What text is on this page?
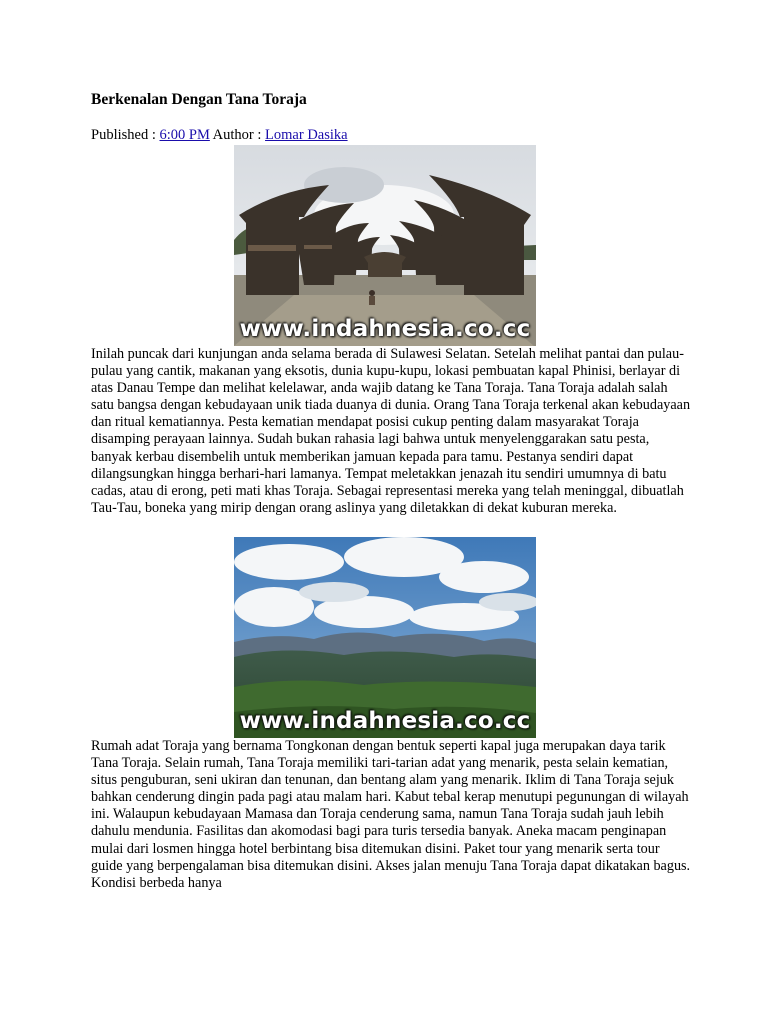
Berkenalan Dengan Tana Toraja
Published : 6:00 PM Author : Lomar Dasika
www.indahnesia.co.cc

Inilah puncak dari kunjungan anda selama berada di Sulawesi Selatan. Setelah melihat pantai dan pulau-pulau yang cantik, makanan yang eksotis, dunia kupu-kupu, lokasi pembuatan kapal Phinisi, berlayar di atas Danau Tempe dan melihat kelelawar, anda wajib datang ke Tana Toraja. Tana Toraja adalah salah satu bangsa dengan kebudayaan unik tiada duanya di dunia. Orang Tana Toraja terkenal akan kebudayaan dan ritual kematiannya. Pesta kematian mendapat posisi cukup penting dalam masyarakat Toraja disamping perayaan lainnya. Sudah bukan rahasia lagi bahwa untuk menyelenggarakan satu pesta, banyak kerbau disembelih untuk memberikan jamuan kepada para tamu. Pestanya sendiri dapat dilangsungkan hingga berhari-hari lamanya. Tempat meletakkan jenazah itu sendiri umumnya di batu cadas, atau di erong, peti mati khas Toraja. Sebagai representasi mereka yang telah meninggal, dibuatlah Tau-Tau, boneka yang mirip dengan orang aslinya yang diletakkan di dekat kuburan mereka.

www.indahnesia.co.cc

Rumah adat Toraja yang bernama Tongkonan dengan bentuk seperti kapal juga merupakan daya tarik Tana Toraja. Selain rumah, Tana Toraja memiliki tari-tarian adat yang menarik, pesta selain kematian, situs penguburan, seni ukiran dan tenunan, dan bentang alam yang menarik. Iklim di Tana Toraja sejuk bahkan cenderung dingin pada pagi atau malam hari. Kabut tebal kerap menutupi pegunungan di wilayah ini. Walaupun kebudayaan Mamasa dan Toraja cenderung sama, namun Tana Toraja sudah jauh lebih dahulu mendunia. Fasilitas dan akomodasi bagi para turis tersedia banyak. Aneka macam penginapan mulai dari losmen hingga hotel berbintang bisa ditemukan disini. Paket tour yang menarik serta tour guide yang berpengalaman bisa ditemukan disini. Akses jalan menuju Tana Toraja dapat dikatakan bagus. Kondisi berbeda hanya
